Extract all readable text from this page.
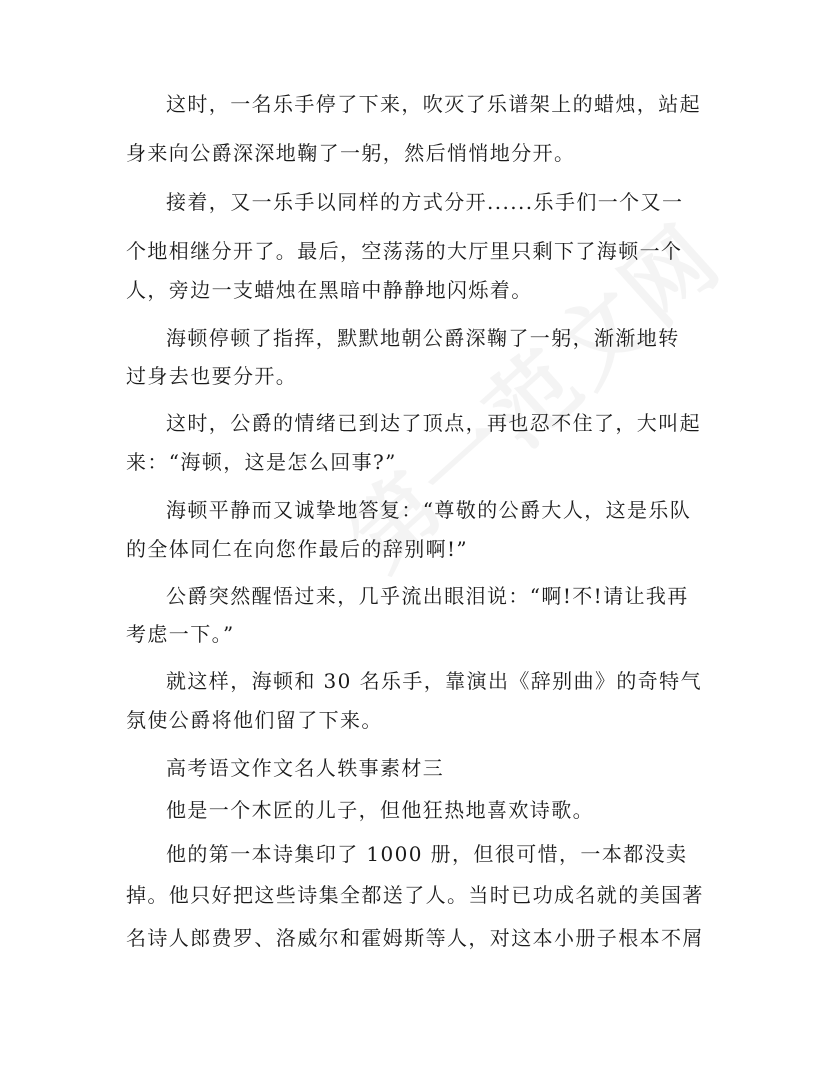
这时，一名乐手停了下来，吹灭了乐谱架上的蜡烛，站起
身来向公爵深深地鞠了一躬，然后悄悄地分开。
接着，又一乐手以同样的方式分开......乐手们一个又一
个地相继分开了。最后，空荡荡的大厅里只剩下了海顿一个
人，旁边一支蜡烛在黑暗中静静地闪烁着。
海顿停顿了指挥，默默地朝公爵深鞠了一躬，渐渐地转
过身去也要分开。
这时，公爵的情绪已到达了顶点，再也忍不住了，大叫起
来：“海顿，这是怎么回事?”
海顿平静而又诚挚地答复：“尊敬的公爵大人，这是乐队
的全体同仁在向您作最后的辞别啊!”
公爵突然醒悟过来，几乎流出眼泪说：“啊!不!请让我再
考虑一下。”
就这样，海顿和 30 名乐手，靠演出《辞别曲》的奇特气
氛使公爵将他们留了下来。
高考语文作文名人轶事素材三
他是一个木匠的儿子，但他狂热地喜欢诗歌。
他的第一本诗集印了 1000 册，但很可惜，一本都没卖
掉。他只好把这些诗集全都送了人。当时已功成名就的美国著
名诗人郎费罗、洛威尔和霍姆斯等人，对这本小册子根本不屑
